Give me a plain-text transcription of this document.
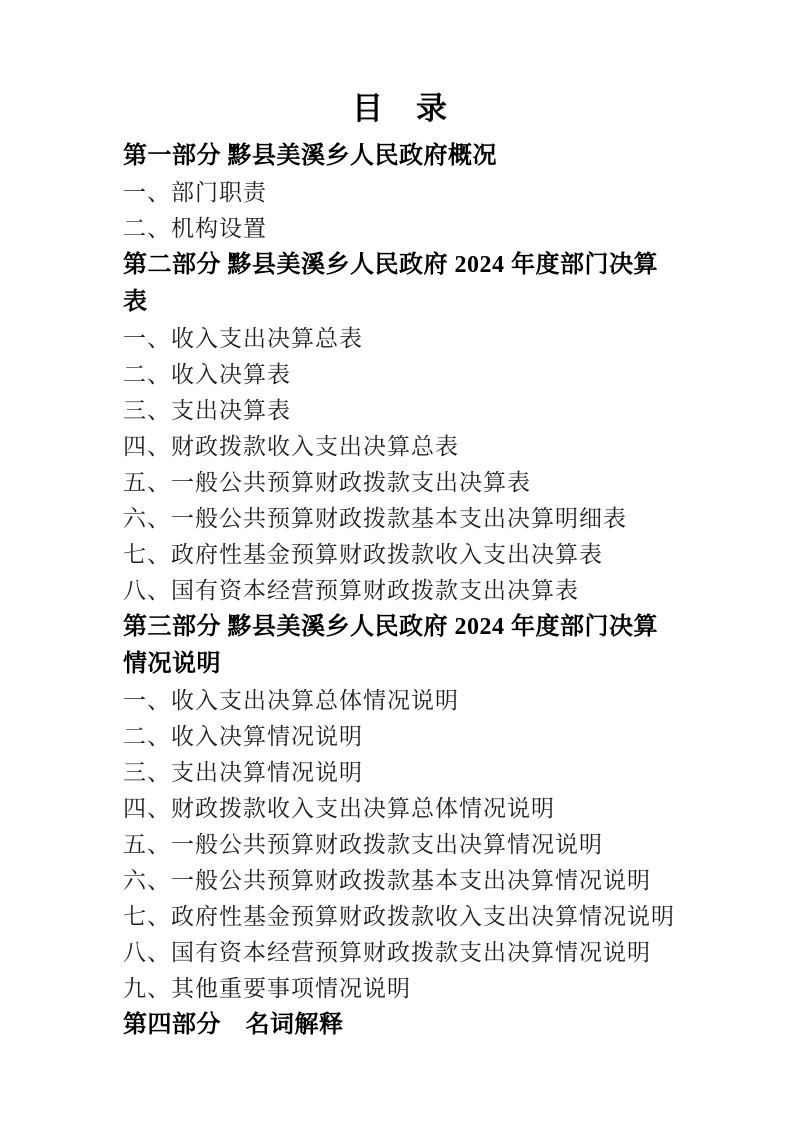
目　录
第一部分 黟县美溪乡人民政府概况
一、部门职责
二、机构设置
第二部分 黟县美溪乡人民政府 2024 年度部门决算表
一、收入支出决算总表
二、收入决算表
三、支出决算表
四、财政拨款收入支出决算总表
五、一般公共预算财政拨款支出决算表
六、一般公共预算财政拨款基本支出决算明细表
七、政府性基金预算财政拨款收入支出决算表
八、国有资本经营预算财政拨款支出决算表
第三部分 黟县美溪乡人民政府 2024 年度部门决算情况说明
一、收入支出决算总体情况说明
二、收入决算情况说明
三、支出决算情况说明
四、财政拨款收入支出决算总体情况说明
五、一般公共预算财政拨款支出决算情况说明
六、一般公共预算财政拨款基本支出决算情况说明
七、政府性基金预算财政拨款收入支出决算情况说明
八、国有资本经营预算财政拨款支出决算情况说明
九、其他重要事项情况说明
第四部分　名词解释
